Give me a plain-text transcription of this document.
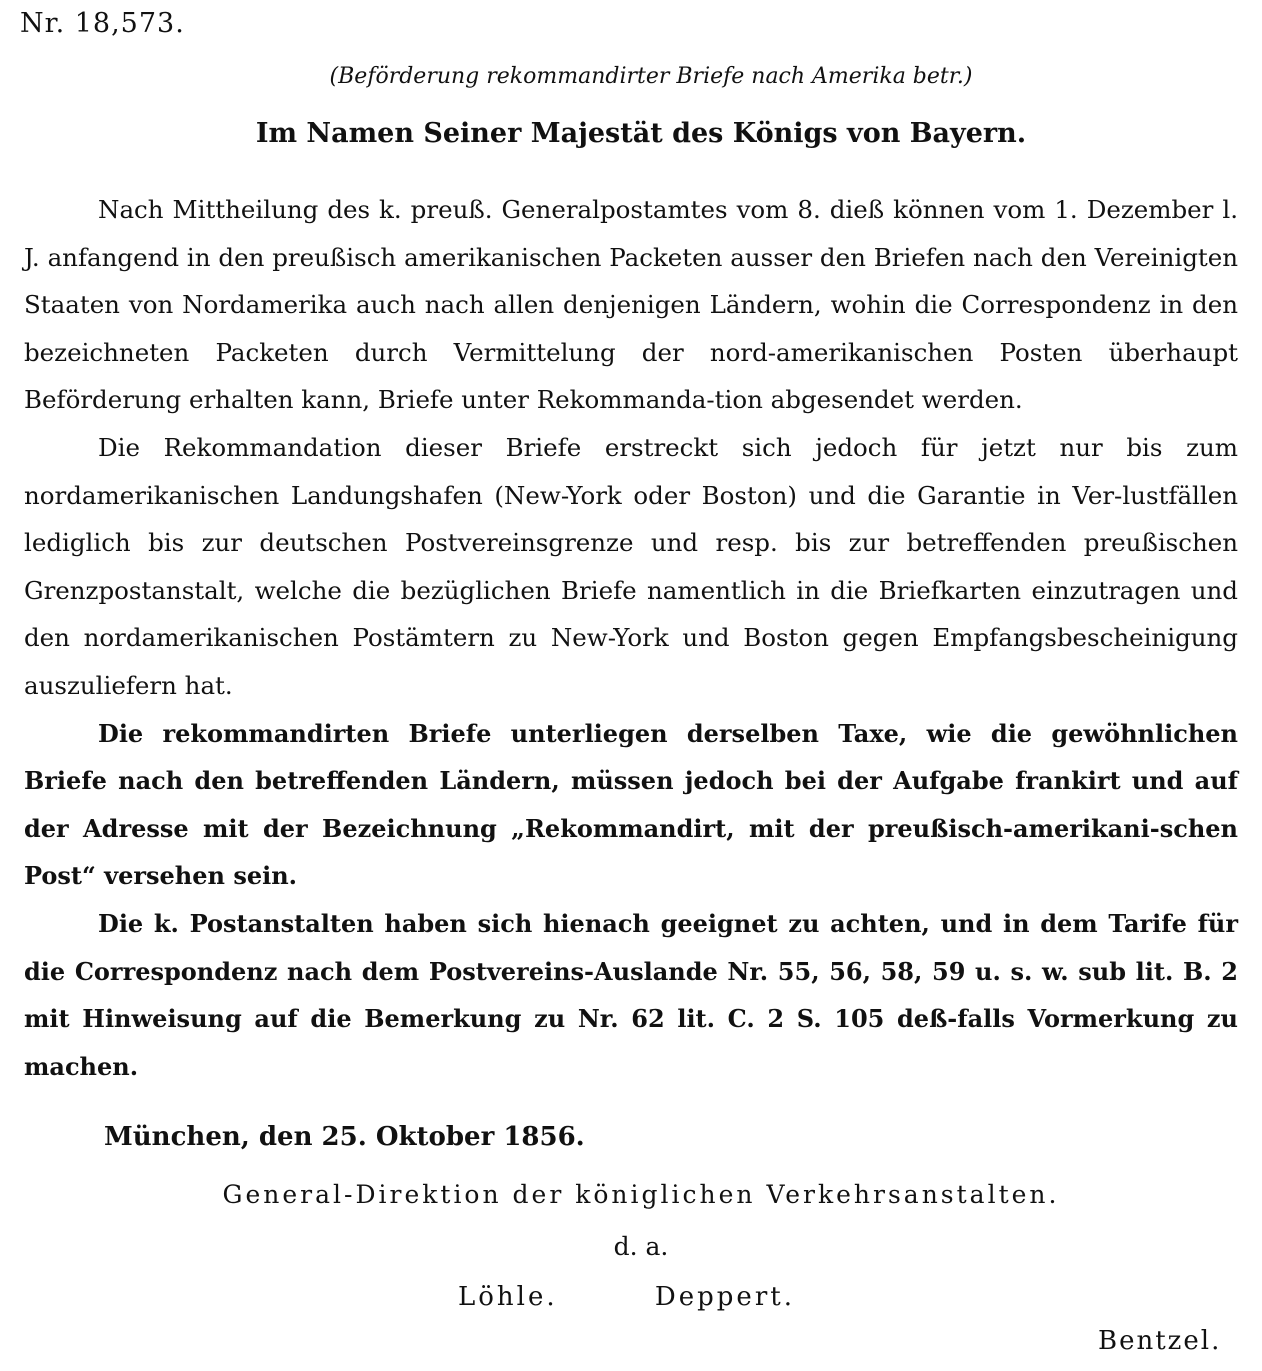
Nr. 18,573.
(Beförderung rekommandirter Briefe nach Amerika betr.)
Im Namen Seiner Majestät des Königs von Bayern.

Nach Mittheilung des k. preuß. Generalpostamtes vom 8. dieß können vom 1. Dezember l. J. anfangend in den preußisch amerikanischen Packeten ausser den Briefen nach den Vereinigten Staaten von Nordamerika auch nach allen denjenigen Ländern, wohin die Correspondenz in den bezeichneten Packeten durch Vermittelung der nord-amerikanischen Posten überhaupt Beförderung erhalten kann, Briefe unter Rekommanda-tion abgesendet werden.

Die Rekommandation dieser Briefe erstreckt sich jedoch für jetzt nur bis zum nordamerikanischen Landungshafen (New-York oder Boston) und die Garantie in Ver-lustfällen lediglich bis zur deutschen Postvereinsgrenze und resp. bis zur betreffenden preußischen Grenzpostanstalt, welche die bezüglichen Briefe namentlich in die Briefkarten einzutragen und den nordamerikanischen Postämtern zu New-York und Boston gegen Empfangsbescheinigung auszuliefern hat.

Die rekommandirten Briefe unterliegen derselben Taxe, wie die gewöhnlichen Briefe nach den betreffenden Ländern, müssen jedoch bei der Aufgabe frankirt und auf der Adresse mit der Bezeichnung „Rekommandirt, mit der preußisch-amerikani-schen Post“ versehen sein.

Die k. Postanstalten haben sich hienach geeignet zu achten, und in dem Tarife für die Correspondenz nach dem Postvereins-Auslande Nr. 55, 56, 58, 59 u. s. w. sub lit. B. 2 mit Hinweisung auf die Bemerkung zu Nr. 62 lit. C. 2 S. 105 deß-falls Vormerkung zu machen.

München, den 25. Oktober 1856.
General-Direktion der königlichen Verkehrsanstalten.
d. a.
Löhle.	Deppert.
Bentzel.
